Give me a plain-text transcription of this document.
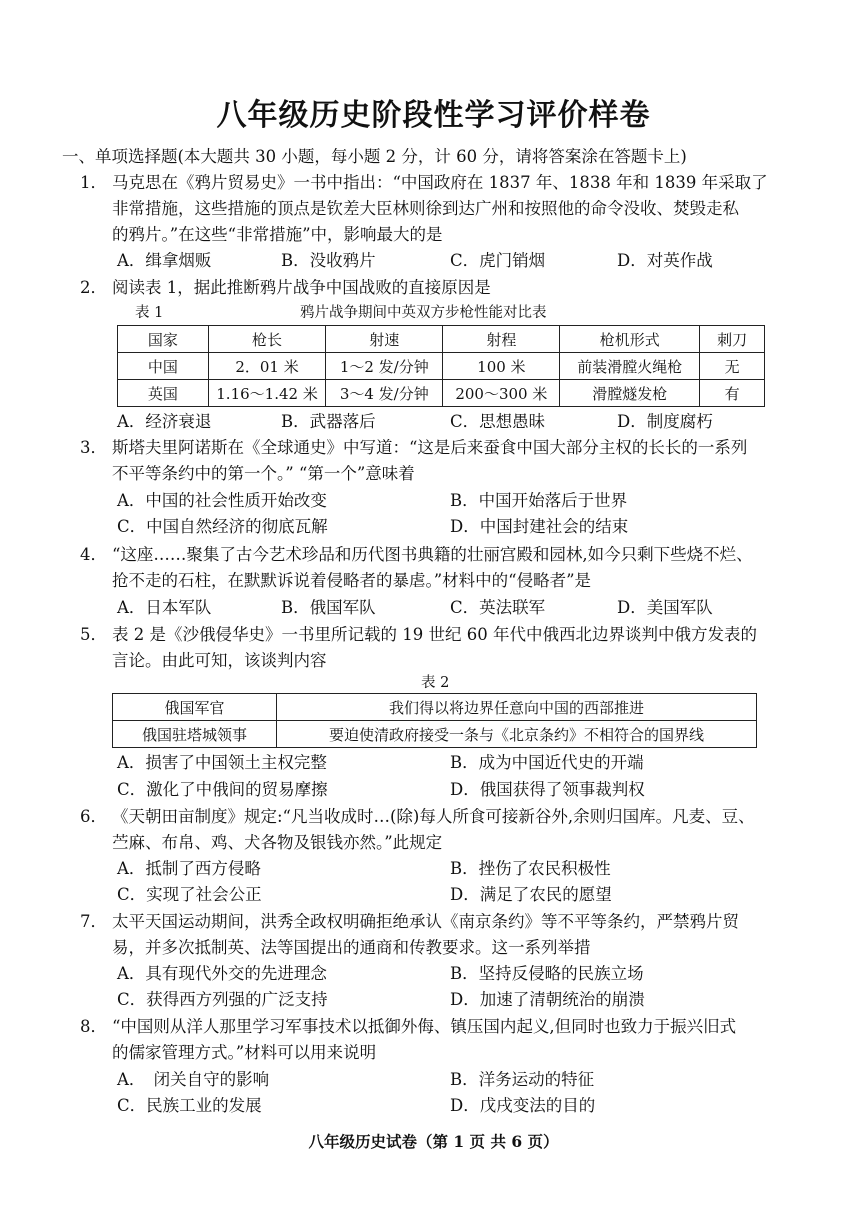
八年级历史阶段性学习评价样卷
一、单项选择题(本大题共 30 小题，每小题 2 分，计 60 分，请将答案涂在答题卡上)
1． 马克思在《鸦片贸易史》一书中指出：“中国政府在 1837 年、1838 年和 1839 年采取了
非常措施，这些措施的顶点是钦差大臣林则徐到达广州和按照他的命令没收、焚毁走私
的鸦片。”在这些“非常措施”中，影响最大的是
A．缉拿烟贩	B．没收鸦片	C．虎门销烟	D．对英作战
2． 阅读表 1，据此推断鸦片战争中国战败的直接原因是
表 1	鸦片战争期间中英双方步枪性能对比表
国家	枪长	射速	射程	枪机形式	刺刀
中国	2．01 米	1～2 发/分钟	100 米	前装滑膛火绳枪	无
英国	1.16～1.42 米	3～4 发/分钟	200～300 米	滑膛燧发枪	有
A．经济衰退	B．武器落后	C．思想愚昧	D．制度腐朽
3． 斯塔夫里阿诺斯在《全球通史》中写道：“这是后来蚕食中国大部分主权的长长的一系列
不平等条约中的第一个。” “第一个”意味着
A．中国的社会性质开始改变	B．中国开始落后于世界
C．中国自然经济的彻底瓦解	D．中国封建社会的结束
4． “这座……聚集了古今艺术珍品和历代图书典籍的壮丽宫殿和园林,如今只剩下些烧不烂、
抢不走的石柱，在默默诉说着侵略者的暴虐。”材料中的“侵略者”是
A．日本军队	B．俄国军队	C．英法联军	D．美国军队
5． 表 2 是《沙俄侵华史》一书里所记载的 19 世纪 60 年代中俄西北边界谈判中俄方发表的
言论。由此可知，该谈判内容
表 2
俄国军官	我们得以将边界任意向中国的西部推进
俄国驻塔城领事	要迫使清政府接受一条与《北京条约》不相符合的国界线
A．损害了中国领土主权完整	B．成为中国近代史的开端
C．激化了中俄间的贸易摩擦	D．俄国获得了领事裁判权
6． 《天朝田亩制度》规定:“凡当收成时…(除)每人所食可接新谷外,余则归国库。凡麦、豆、
苎麻、布帛、鸡、犬各物及银钱亦然。”此规定
A．抵制了西方侵略	B．挫伤了农民积极性
C．实现了社会公正	D．满足了农民的愿望
7． 太平天国运动期间，洪秀全政权明确拒绝承认《南京条约》等不平等条约，严禁鸦片贸
易，并多次抵制英、法等国提出的通商和传教要求。这一系列举措
A．具有现代外交的先进理念	B．坚持反侵略的民族立场
C．获得西方列强的广泛支持	D．加速了清朝统治的崩溃
8． “中国则从洋人那里学习军事技术以抵御外侮、镇压国内起义,但同时也致力于振兴旧式
的儒家管理方式。”材料可以用来说明
A．　闭关自守的影响	B．洋务运动的特征
C．民族工业的发展	D．戊戌变法的目的
八年级历史试卷（第 1 页 共 6 页）
